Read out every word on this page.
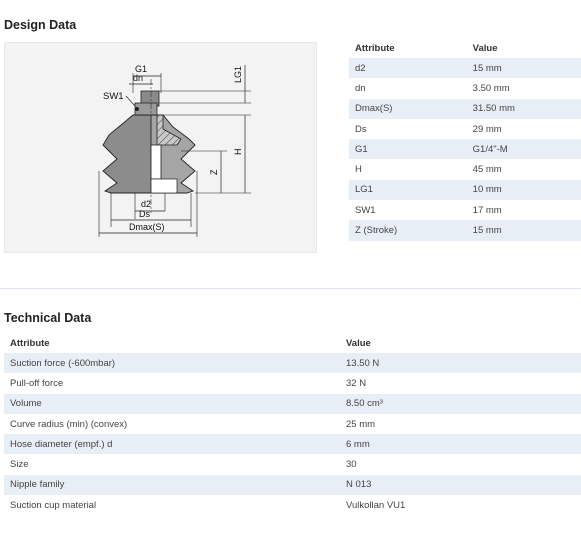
Design Data
G1
dn
SW1
LG1
H
Z
d2
Ds
Dmax(S)
Attribute	Value
d2	15 mm
dn	3.50 mm
Dmax(S)	31.50 mm
Ds	29 mm
G1	G1/4"-M
H	45 mm
LG1	10 mm
SW1	17 mm
Z (Stroke)	15 mm
Technical Data
Attribute	Value
Suction force (-600mbar)	13.50 N
Pull-off force	32 N
Volume	8.50 cm³
Curve radius (min) (convex)	25 mm
Hose diameter (empf.) d	6 mm
Size	30
Nipple family	N 013
Suction cup material	Vulkollan VU1
